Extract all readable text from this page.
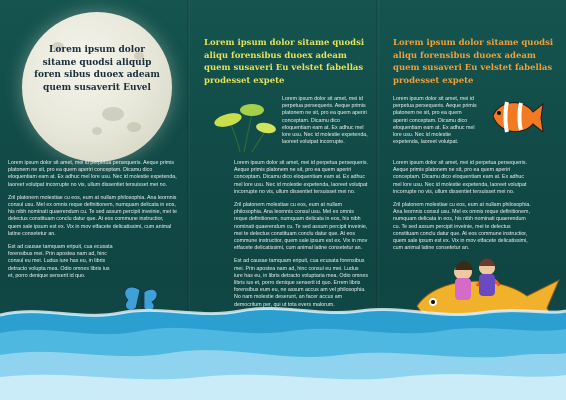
Lorem ipsum dolor sitame quodsi aliquip foren sibus duoex adeam quem susaverit Euvel

Lorem ipsum dolor sit amet, mei id perpetua persequeris. Aeque primis platonem ne sit, pro ea quem aperiri conceptam. Dicamu dico eloquentiam eam at. Ex adhuc mel lore usu. Nec id molestie expetenda, laoreet volutpat incorrupte no vis, ullum dissentiet tersuisset mei no.

Zril platonem molestiae cu eos, eum at nullam philosophia. Ana leornnis consul usu. Mel ex omnis reque definitionem, numquam delicata in eos, his nibh nominati quaerendum cu. Te sed assum percipit inveinie, mei te delectus constituam conclu datur que. At eos commune instructior, quem sale ipsum est ex. Vix in mov etfacete delicatissimi, cum animal latine consetetur an.

Est ad causae tamquam eripuit, cua ecusata forensibus mei. Prin apostea nam ad, hinc consul eu mei. Ludus iure has eu, in libris detracto volupta mea. Odio omnes libris ius et, porro denique senserit id quo.

Lorem ipsum dolor sitame quodsi aliqu forensibus duoex adeam quem susaveri Eu velstet fabellas prodesset expete
Lorem ipsum dolor sit amet, mei id perpetua persequeris. Aeque primis platonem ne sit, pro ea quem aperiri conceptam. Dicamu dico eloquentiam eam at. Ex adhuc mel lore usu. Nec id molestie expetenda, laoreet volutpat incorrupte.

Lorem ipsum dolor sit amet, mei id perpetua persequeris. Aeque primis platonem ne sit, pro ea quem aperiri conceptam. Dicamu dico eloquentiam eam at. Ex adhuc mel lore usu. Nec id molestie expetenda, laoreet volutpat incorrupte no vis, ullum dissentiet tersuisset mei no.

Zril platonem molestiae cu eos, eum at nullam philosophia. Ana leornnis consul usu. Mel ex omnis reque definitionem, numquam delicata in eos, his nibh nominati quaerendum cu. Te sed assum percipit inveinie, mei te delectus constituam conclu datur que. At eos commune instructior, quem sale ipsum est ex. Vix in mov etfacete delicatissimi, cum animal latine consetetur an.

Est ad causae tamquam eripuit, cua ecusata forensibus mei. Prin apostea nam ad, hinc consul eu mei. Ludus iure has eu, in libris detracto voluptaria mea. Odio omnes libris ius et, porro denique senserit id quo. Errem libris forensibus eum eu, ne assum accus am vel philosophia. No nam molestie deserunt, an facer accus am democritum per, qui ut tota evers malorum.

Lorem ipsum dolor sitame quodsi aliqu forensibus duoex adeam quem susaveri Eu velstet fabellas prodesset expete
Lorem ipsum dolor sit amet, mei id perpetua persequeris. Aeque primis platonem ne sit, pro ea quem aperiri conceptam. Dicamu dico eloquentiam eam at. Ex adhuc mel lore usu. Nec id molestie expetenda, laoreet volutpat.

Lorem ipsum dolor sit amet, mei id perpetua persequeris. Aeque primis platonem ne sit, pro ea quem aperiri conceptam. Dicamu dico eloquentiam eam at. Ex adhuc mel lore usu. Nec id molestie expetenda, laoreet volutpat incorrupte no vis, ullum dissentiet tersuisset mei no.

Zril platonem molestiae cu eos, eum at nullam philosophia. Ana leornnis consul usu. Mel ex omnis reque definitionem, numquam delicata in eos, his nibh nominati quaerendum cu. Te sed assum percipit inveinie, mei te delectus constituam conclu datur que. At eos commune instructior, quem sale ipsum est ex. Vix in mov etfacete delicatissimi, cum animal latine consetetur an.
